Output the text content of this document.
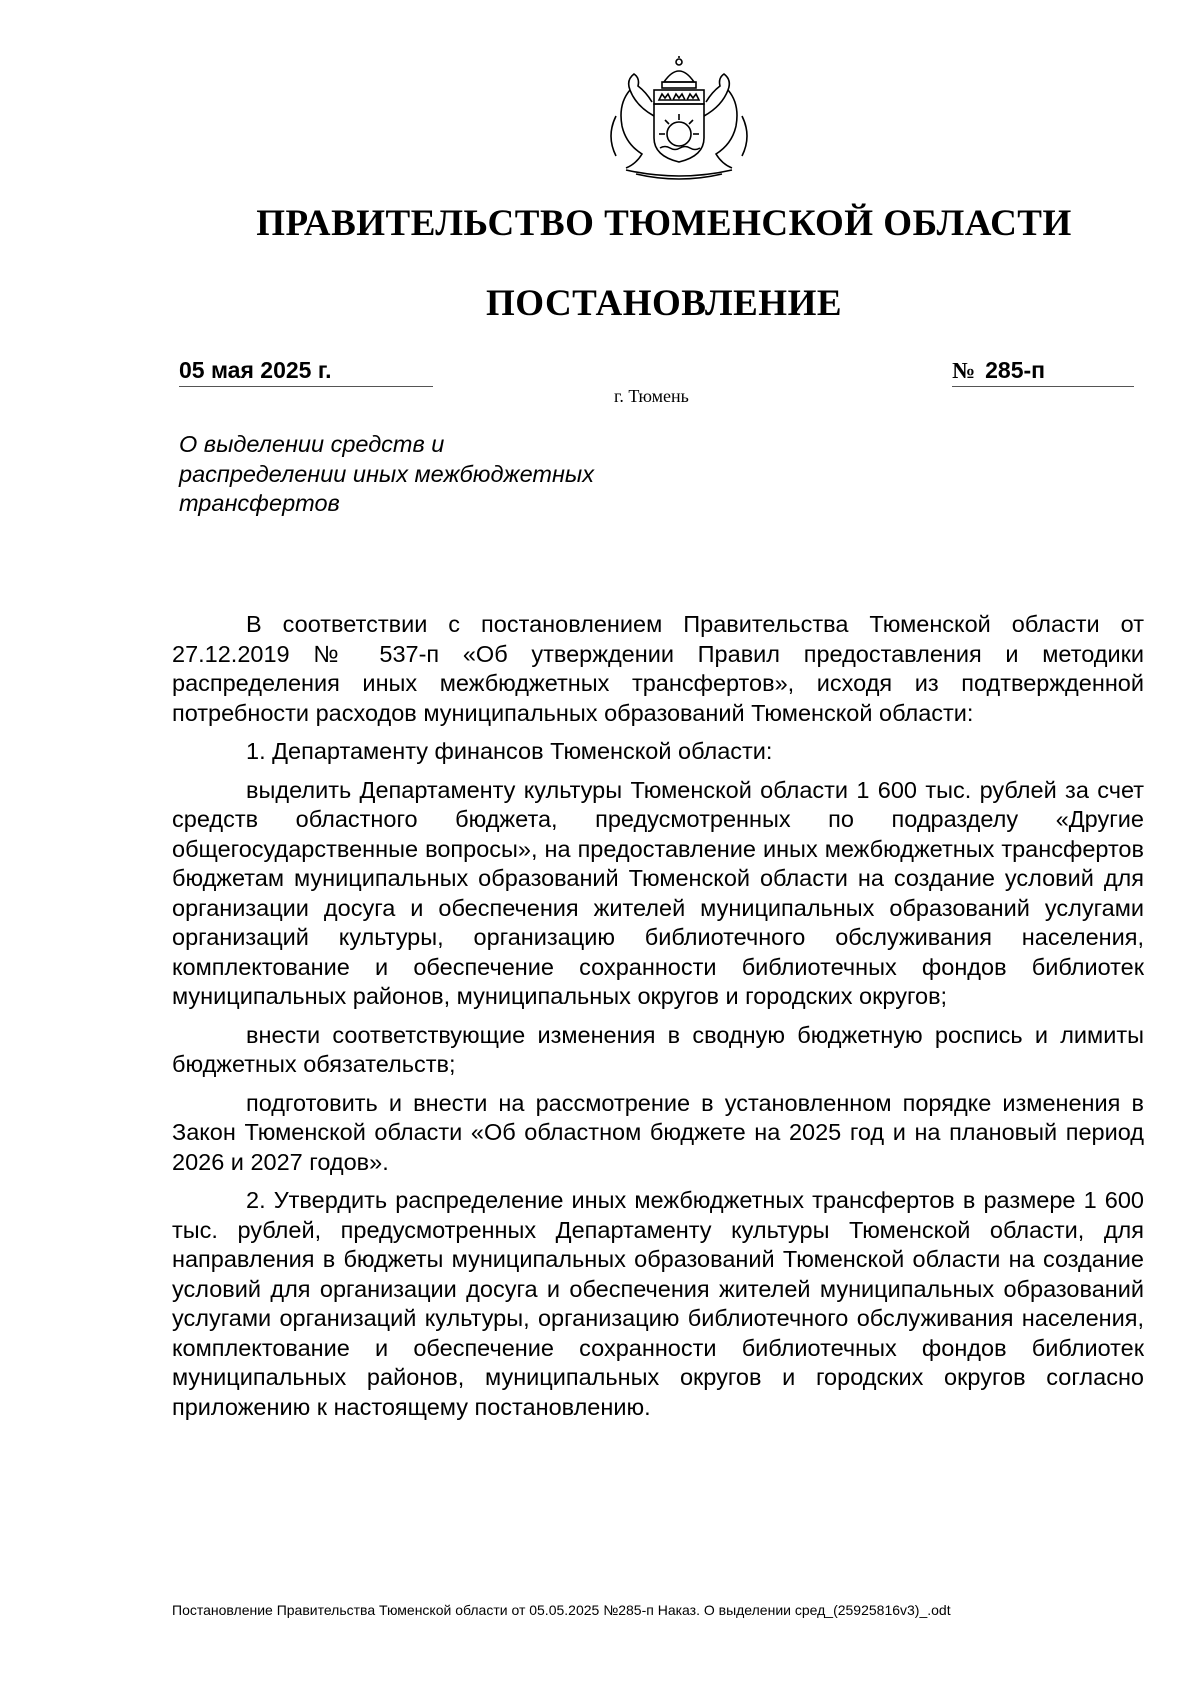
ПРАВИТЕЛЬСТВО ТЮМЕНСКОЙ ОБЛАСТИ
ПОСТАНОВЛЕНИЕ
05 мая 2025 г.	№ 285-п
г. Тюмень
О выделении средств и распределении иных межбюджетных трансфертов

В соответствии с постановлением Правительства Тюменской области от 27.12.2019 № 537-п «Об утверждении Правил предоставления и методики распределения иных межбюджетных трансфертов», исходя из подтвержденной потребности расходов муниципальных образований Тюменской области:

1. Департаменту финансов Тюменской области:

выделить Департаменту культуры Тюменской области 1 600 тыс. рублей за счет средств областного бюджета, предусмотренных по подразделу «Другие общегосударственные вопросы», на предоставление иных межбюджетных трансфертов бюджетам муниципальных образований Тюменской области на создание условий для организации досуга и обеспечения жителей муниципальных образований услугами организаций культуры, организацию библиотечного обслуживания населения, комплектование и обеспечение сохранности библиотечных фондов библиотек муниципальных районов, муниципальных округов и городских округов;

внести соответствующие изменения в сводную бюджетную роспись и лимиты бюджетных обязательств;

подготовить и внести на рассмотрение в установленном порядке изменения в Закон Тюменской области «Об областном бюджете на 2025 год и на плановый период 2026 и 2027 годов».

2. Утвердить распределение иных межбюджетных трансфертов в размере 1 600 тыс. рублей, предусмотренных Департаменту культуры Тюменской области, для направления в бюджеты муниципальных образований Тюменской области на создание условий для организации досуга и обеспечения жителей муниципальных образований услугами организаций культуры, организацию библиотечного обслуживания населения, комплектование и обеспечение сохранности библиотечных фондов библиотек муниципальных районов, муниципальных округов и городских округов согласно приложению к настоящему постановлению.

Постановление Правительства Тюменской области от 05.05.2025 №285-п Наказ. О выделении сред_(25925816v3)_.odt
